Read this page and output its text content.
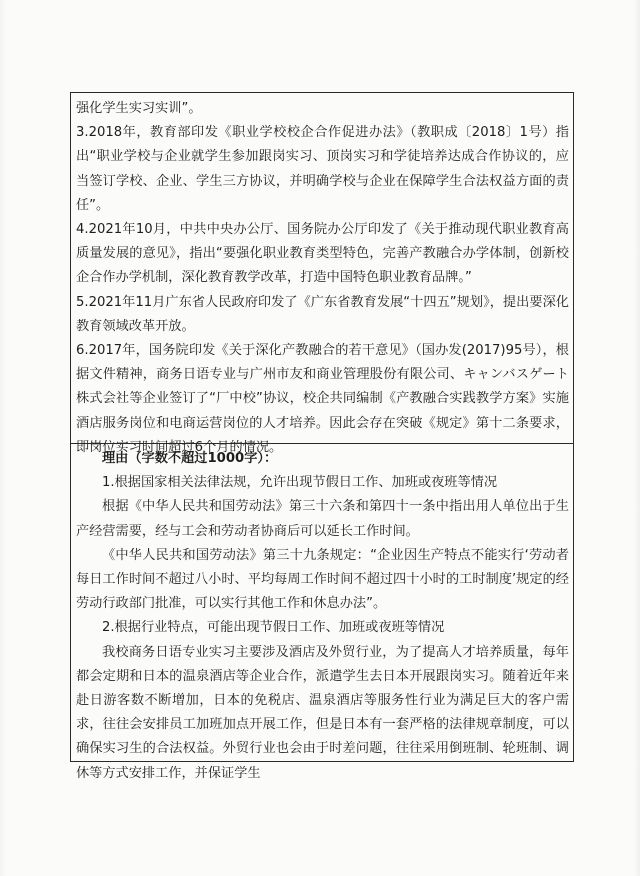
强化学生实习实训”。

3.2018年，教育部印发《职业学校校企合作促进办法》（教职成〔2018〕1号）指出“职业学校与企业就学生参加跟岗实习、顶岗实习和学徒培养达成合作协议的，应当签订学校、企业、学生三方协议，并明确学校与企业在保障学生合法权益方面的责任”。

4.2021年10月，中共中央办公厅、国务院办公厅印发了《关于推动现代职业教育高质量发展的意见》，指出“要强化职业教育类型特色，完善产教融合办学体制，创新校企合作办学机制，深化教育教学改革，打造中国特色职业教育品牌。”

5.2021年11月广东省人民政府印发了《广东省教育发展“十四五”规划》，提出要深化教育领域改革开放。

6.2017年，国务院印发《关于深化产教融合的若干意见》（国办发(2017)95号），根据文件精神，商务日语专业与广州市友和商业管理股份有限公司、キャンバスゲート株式会社等企业签订了“厂中校”协议，校企共同编制《产教融合实践教学方案》实施酒店服务岗位和电商运营岗位的人才培养。因此会存在突破《规定》第十二条要求，即岗位实习时间超过6个月的情况。

理由（字数不超过1000字）：

1.根据国家相关法律法规，允许出现节假日工作、加班或夜班等情况

根据《中华人民共和国劳动法》第三十六条和第四十一条中指出用人单位出于生产经营需要，经与工会和劳动者协商后可以延长工作时间。

《中华人民共和国劳动法》第三十九条规定：“企业因生产特点不能实行‘劳动者每日工作时间不超过八小时、平均每周工作时间不超过四十小时的工时制度’规定的经劳动行政部门批准，可以实行其他工作和休息办法”。

2.根据行业特点，可能出现节假日工作、加班或夜班等情况

我校商务日语专业实习主要涉及酒店及外贸行业，为了提高人才培养质量，每年都会定期和日本的温泉酒店等企业合作，派遣学生去日本开展跟岗实习。随着近年来赴日游客数不断增加，日本的免税店、温泉酒店等服务性行业为满足巨大的客户需求，往往会安排员工加班加点开展工作，但是日本有一套严格的法律规章制度，可以确保实习生的合法权益。外贸行业也会由于时差问题，往往采用倒班制、轮班制、调休等方式安排工作，并保证学生
